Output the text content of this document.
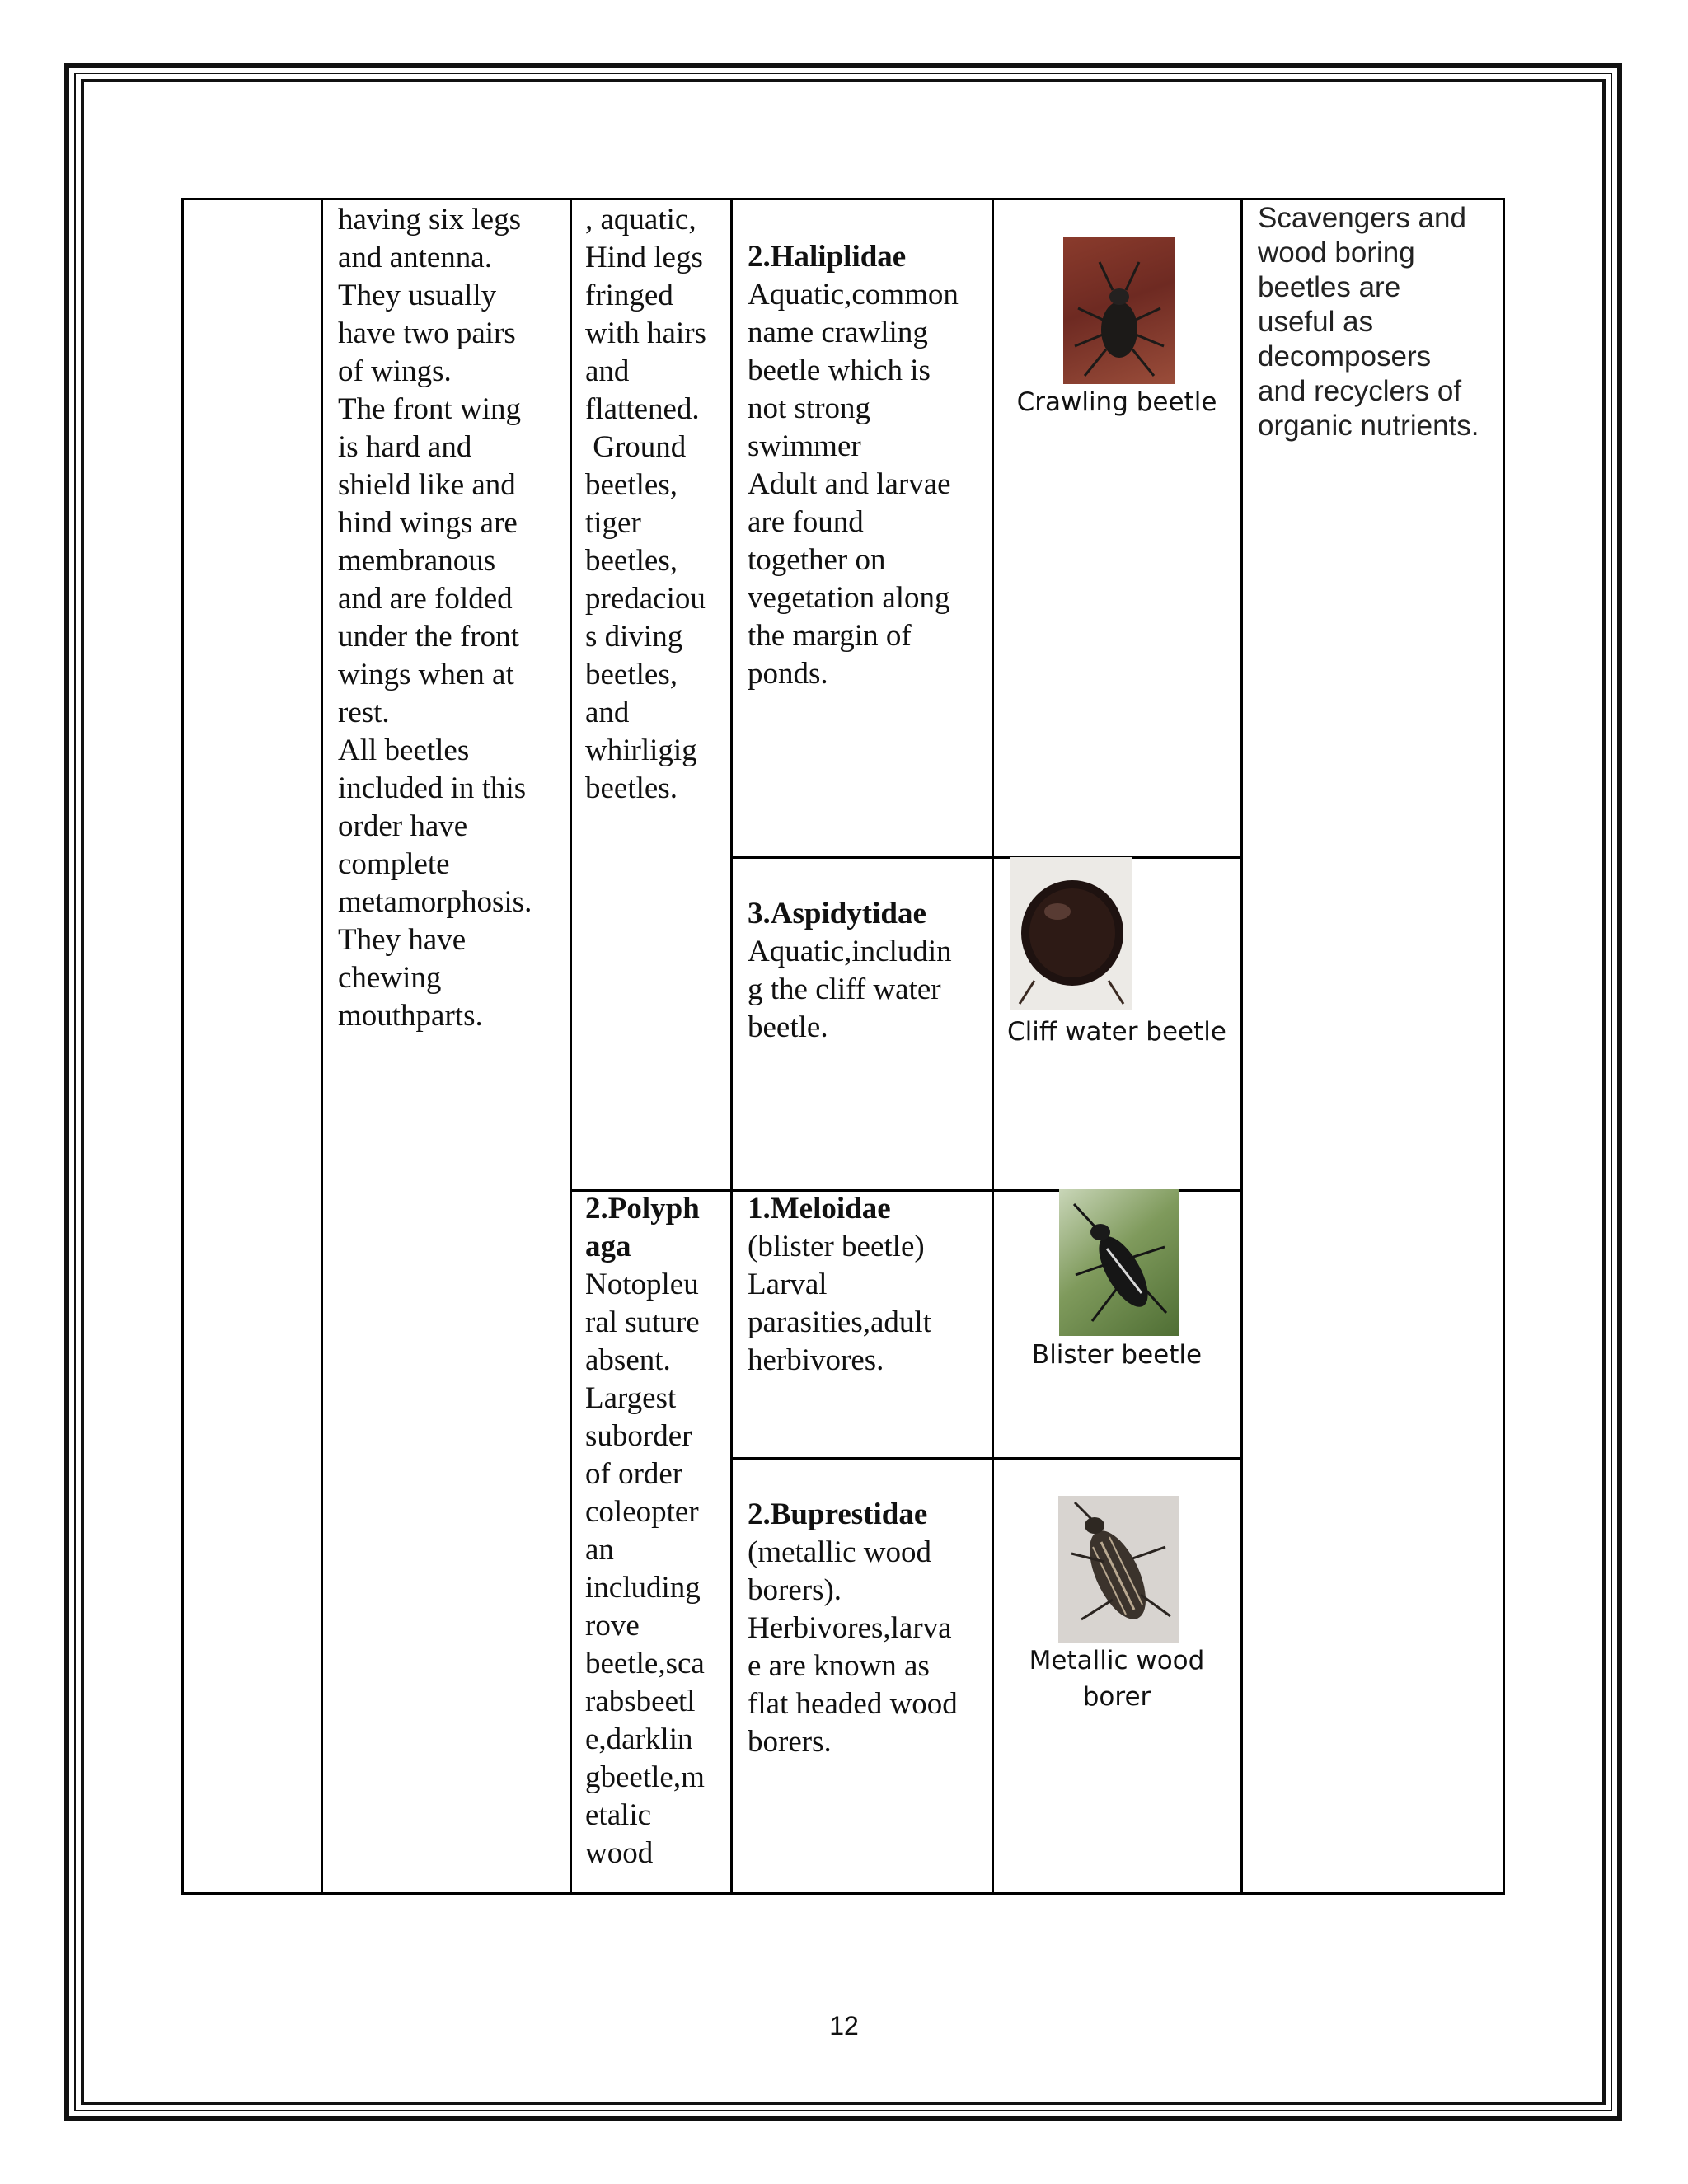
having six legs

and antenna.

They usually

have two pairs

of wings.

The front wing

is hard and

shield like and

hind wings are

membranous

and are folded

under the front

wings when at

rest.

All beetles

included in this

order have

complete

metamorphosis.

They have

chewing

mouthparts.

, aquatic,

Hind legs

fringed

with hairs

and

flattened.

Ground

beetles,

tiger

beetles,

predaciou

s diving

beetles,

and

whirligig

beetles.

2.Polyph

aga

Notopleu

ral suture

absent.

Largest

suborder

of order

coleopter

an

including

rove

beetle,sca

rabsbeetl

e,darklin

gbeetle,m

etalic

wood

2.Haliplidae

Aquatic,common

name crawling

beetle which is

not strong

swimmer

Adult and larvae

are found

together on

vegetation along

the margin of

ponds.

3.Aspidytidae

Aquatic,includin

g the cliff water

beetle.

1.Meloidae

(blister beetle)

Larval

parasities,adult

herbivores.

2.Buprestidae

(metallic wood

borers).

Herbivores,larva

e are known as

flat headed wood

borers.

Crawling beetle
Cliff water beetle
Blister beetle
Metallic wood
borer

Scavengers and

wood boring

beetles are

useful as

decomposers

and recyclers of

organic nutrients.

12
